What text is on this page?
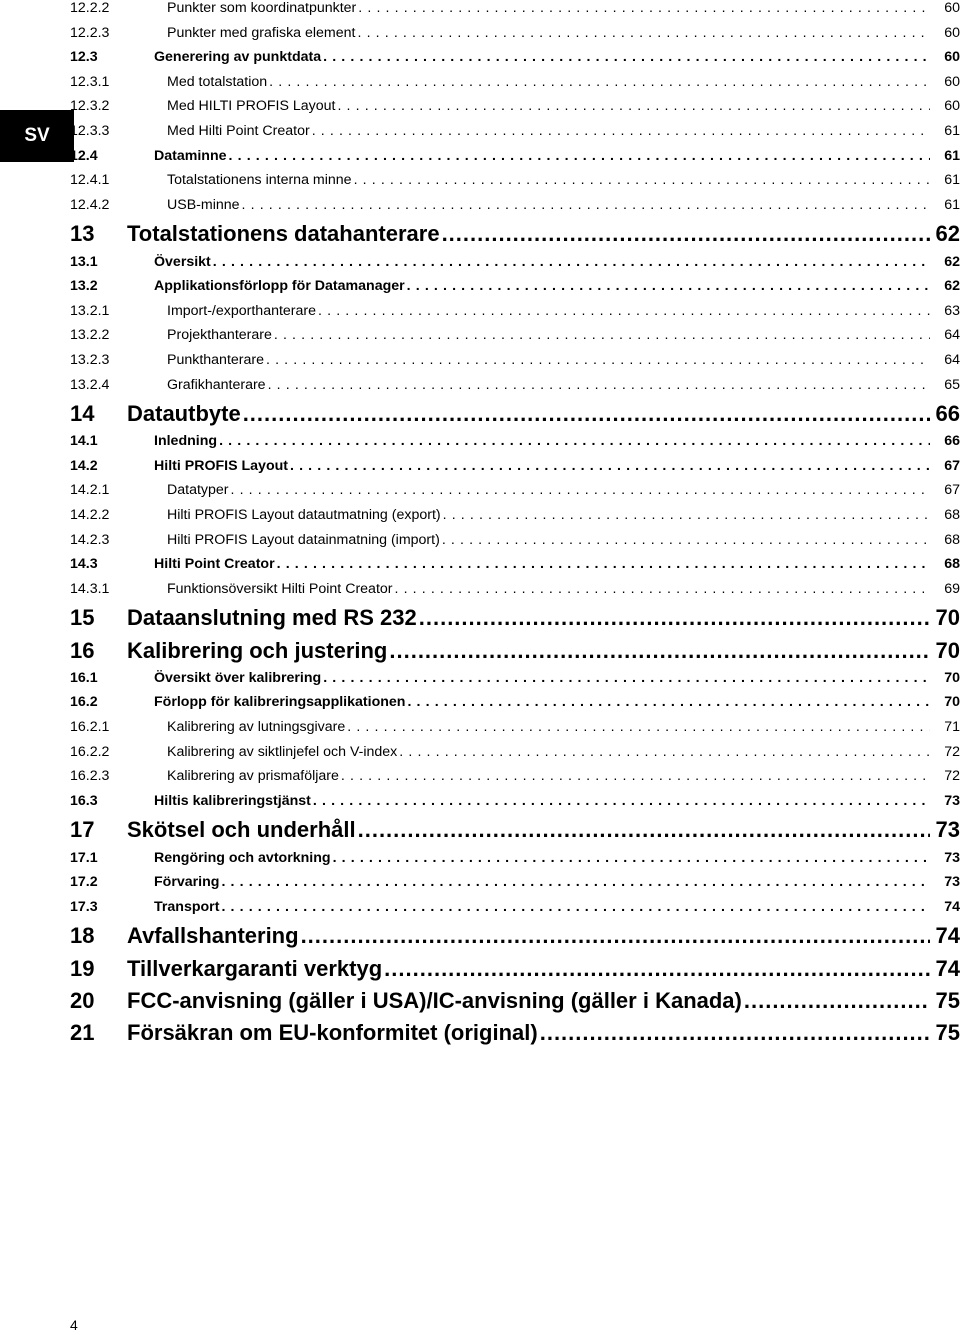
SV
12.2.2	Punkter som koordinatpunkter . . .	60
12.2.3	Punkter med grafiska element . . .	60
12.3	Generering av punktdata . . .	60
12.3.1	Med totalstation . . .	60
12.3.2	Med HILTI PROFIS Layout . . .	60
12.3.3	Med Hilti Point Creator . . .	61
12.4	Dataminne . . .	61
12.4.1	Totalstationens interna minne . . .	61
12.4.2	USB-minne . . .	61
13	Totalstationens datahanterare .....	62
13.1	Översikt . . .	62
13.2	Applikationsförlopp för Datamanager . . .	62
13.2.1	Import-/exporthanterare . . .	63
13.2.2	Projekthanterare . . .	64
13.2.3	Punkthanterare . . .	64
13.2.4	Grafikhanterare . . .	65
14	Datautbyte .....	66
14.1	Inledning . . .	66
14.2	Hilti PROFIS Layout . . .	67
14.2.1	Datatyper . . .	67
14.2.2	Hilti PROFIS Layout datautmatning (export) . . .	68
14.2.3	Hilti PROFIS Layout datainmatning (import) . . .	68
14.3	Hilti Point Creator . . .	68
14.3.1	Funktionsöversikt Hilti Point Creator . . .	69
15	Dataanslutning med RS 232 .....	70
16	Kalibrering och justering .....	70
16.1	Översikt över kalibrering . . .	70
16.2	Förlopp för kalibreringsapplikationen . . .	70
16.2.1	Kalibrering av lutningsgivare . . .	71
16.2.2	Kalibrering av siktlinjefel och V-index . . .	72
16.2.3	Kalibrering av prismaföljare . . .	72
16.3	Hiltis kalibreringstjänst . . .	73
17	Skötsel och underhåll .....	73
17.1	Rengöring och avtorkning . . .	73
17.2	Förvaring . . .	73
17.3	Transport . . .	74
18	Avfallshantering .....	74
19	Tillverkargaranti verktyg .....	74
20	FCC-anvisning (gäller i USA)/IC-anvisning (gäller i Kanada) .....	75
21	Försäkran om EU-konformitet (original) .....	75
4
